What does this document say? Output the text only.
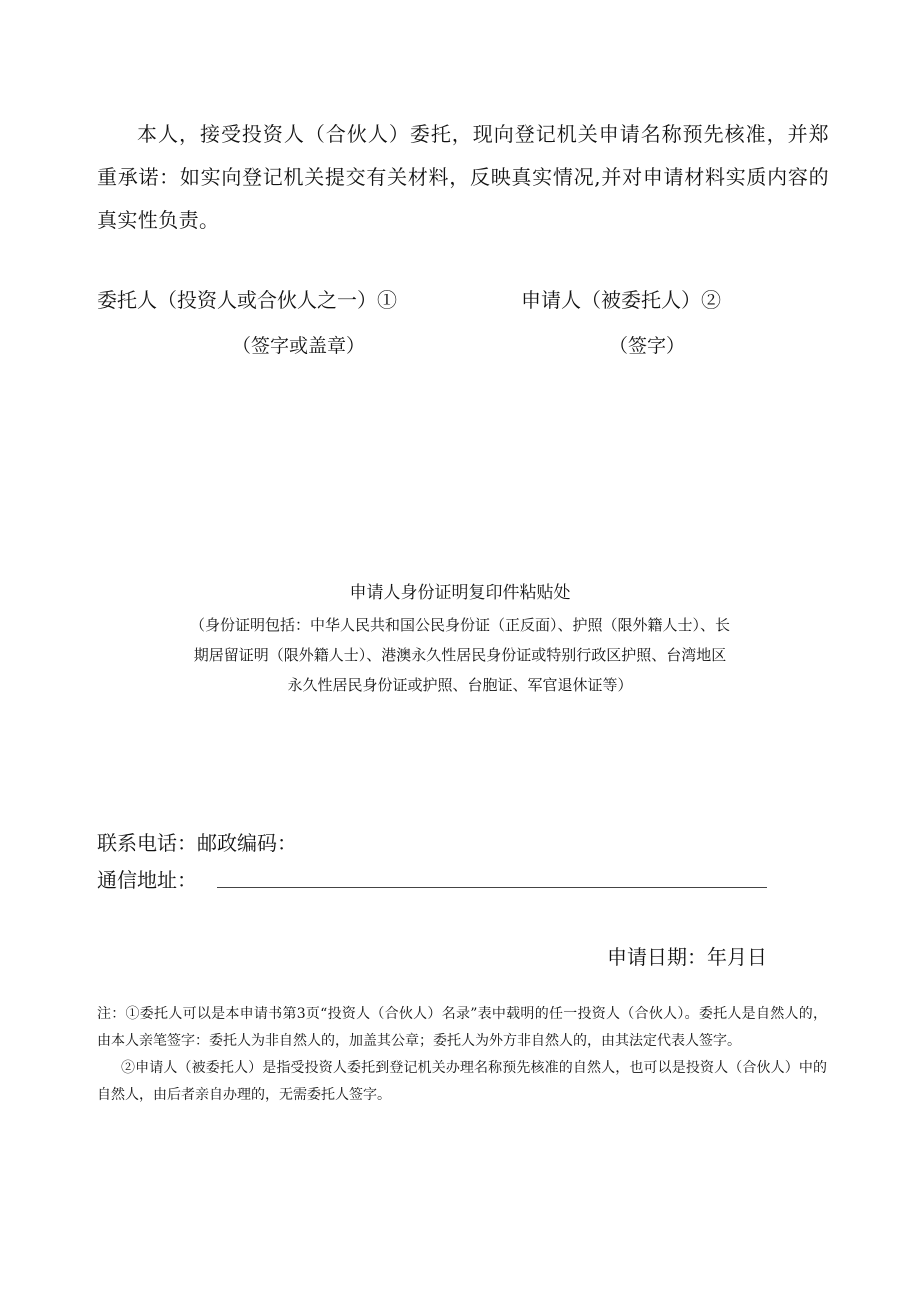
本人，接受投资人（合伙人）委托，现向登记机关申请名称预先核准，并郑重承诺：如实向登记机关提交有关材料，反映真实情况,并对申请材料实质内容的真实性负责。

委托人（投资人或合伙人之一）①	申请人（被委托人）②
（签字或盖章）	（签字）

申请人身份证明复印件粘贴处

（身份证明包括：中华人民共和国公民身份证（正反面）、护照（限外籍人士）、长

期居留证明（限外籍人士）、港澳永久性居民身份证或特别行政区护照、台湾地区

永久性居民身份证或护照、台胞证、军官退休证等）

联系电话：邮政编码：
通信地址：
申请日期：年月日

注：①委托人可以是本申请书第3页“投资人（合伙人）名录”表中载明的任一投资人（合伙人）。委托人是自然人的，由本人亲笔签字：委托人为非自然人的，加盖其公章；委托人为外方非自然人的，由其法定代表人签字。

②申请人（被委托人）是指受投资人委托到登记机关办理名称预先核准的自然人，也可以是投资人（合伙人）中的自然人，由后者亲自办理的，无需委托人签字。
